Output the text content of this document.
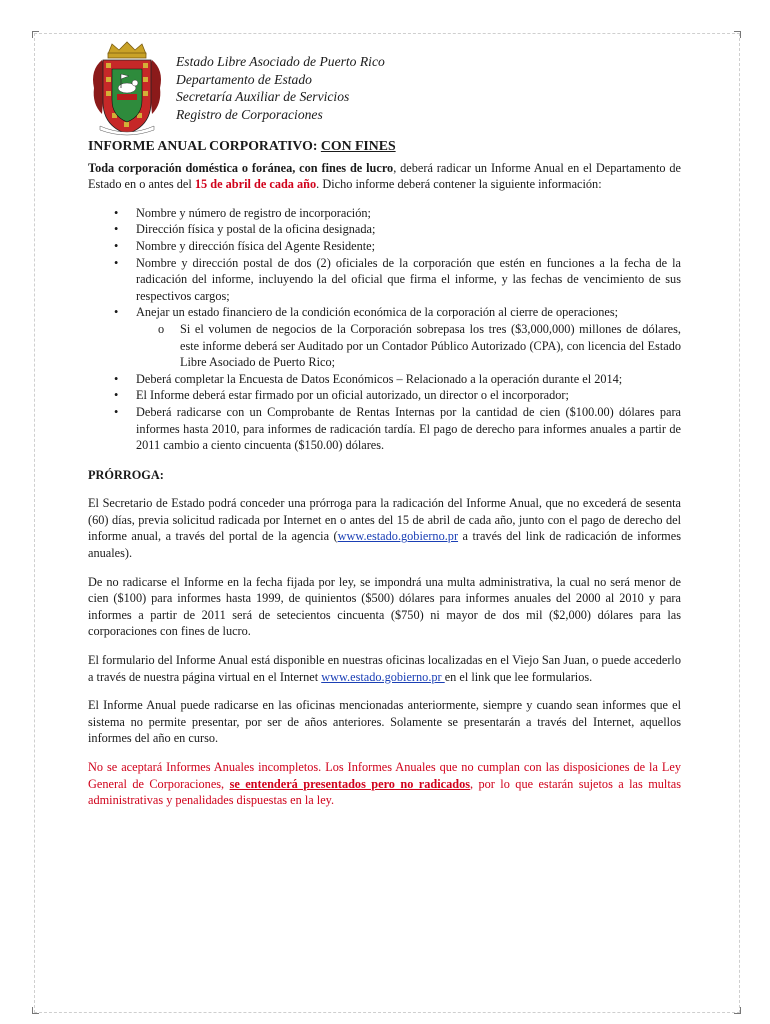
Estado Libre Asociado de Puerto Rico
Departamento de Estado
Secretaría Auxiliar de Servicios
Registro de Corporaciones
INFORME ANUAL CORPORATIVO: CON FINES

Toda corporación doméstica o foránea, con fines de lucro, deberá radicar un Informe Anual en el Departamento de Estado en o antes del 15 de abril de cada año. Dicho informe deberá contener la siguiente información:

• Nombre y número de registro de incorporación;
• Dirección física y postal de la oficina designada;
• Nombre y dirección física del Agente Residente;
• Nombre y dirección postal de dos (2) oficiales de la corporación que estén en funciones a la fecha de la radicación del informe, incluyendo la del oficial que firma el informe, y las fechas de vencimiento de sus respectivos cargos;
• Anejar un estado financiero de la condición económica de la corporación al cierre de operaciones;
o Si el volumen de negocios de la Corporación sobrepasa los tres ($3,000,000) millones de dólares, este informe deberá ser Auditado por un Contador Público Autorizado (CPA), con licencia del Estado Libre Asociado de Puerto Rico;
• Deberá completar la Encuesta de Datos Económicos – Relacionado a la operación durante el 2014;
• El Informe deberá estar firmado por un oficial autorizado, un director o el incorporador;
• Deberá radicarse con un Comprobante de Rentas Internas por la cantidad de cien ($100.00) dólares para informes hasta 2010, para informes de radicación tardía. El pago de derecho para informes anuales a partir de 2011 cambio a ciento cincuenta ($150.00) dólares.
PRÓRROGA:

El Secretario de Estado podrá conceder una prórroga para la radicación del Informe Anual, que no excederá de sesenta (60) días, previa solicitud radicada por Internet en o antes del 15 de abril de cada año, junto con el pago de derecho del informe anual, a través del portal de la agencia (www.estado.gobierno.pr a través del link de radicación de informes anuales).

De no radicarse el Informe en la fecha fijada por ley, se impondrá una multa administrativa, la cual no será menor de cien ($100) para informes hasta 1999, de quinientos ($500) dólares para informes anuales del 2000 al 2010 y para informes a partir de 2011 será de setecientos cincuenta ($750) ni mayor de dos mil ($2,000) dólares para las corporaciones con fines de lucro.

El formulario del Informe Anual está disponible en nuestras oficinas localizadas en el Viejo San Juan, o puede accederlo a través de nuestra página virtual en el Internet www.estado.gobierno.pr en el link que lee formularios.

El Informe Anual puede radicarse en las oficinas mencionadas anteriormente, siempre y cuando sean informes que el sistema no permite presentar, por ser de años anteriores. Solamente se presentarán a través del Internet, aquellos informes del año en curso.

No se aceptará Informes Anuales incompletos. Los Informes Anuales que no cumplan con las disposiciones de la Ley General de Corporaciones, se entenderá presentados pero no radicados, por lo que estarán sujetos a las multas administrativas y penalidades dispuestas en la ley.
